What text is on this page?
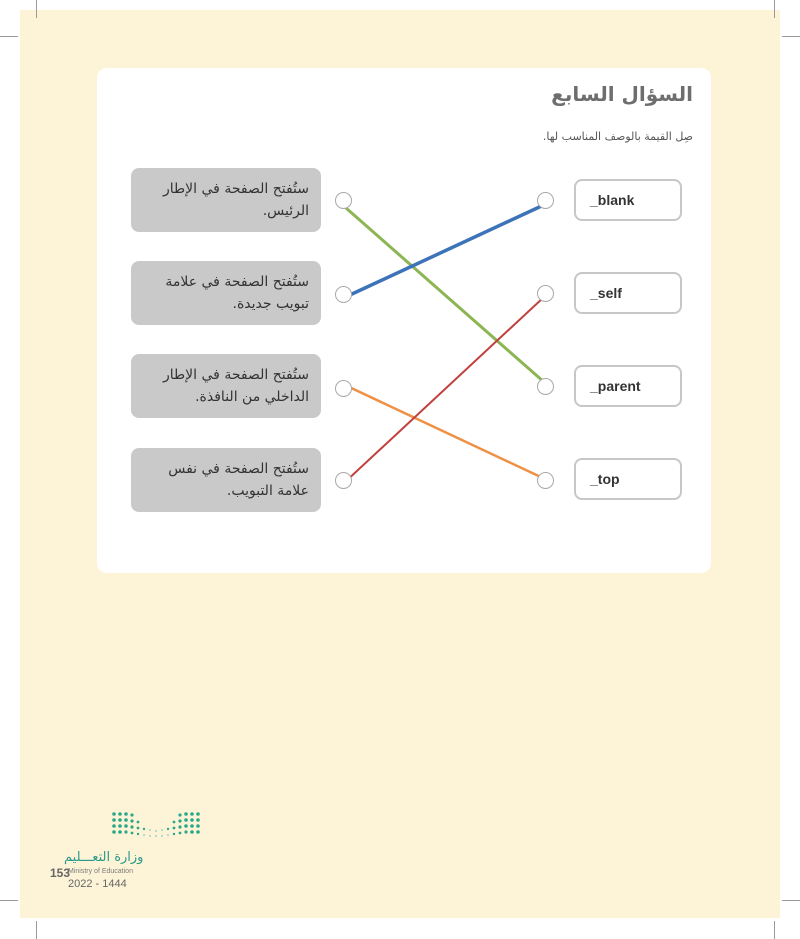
السؤال السابع
صِل القيمة بالوصف المناسب لها.
ستُفتح الصفحة في الإطار الرئيس.
ستُفتح الصفحة في علامة تبويب جديدة.
ستُفتح الصفحة في الإطار الداخلي من النافذة.
ستُفتح الصفحة في نفس علامة التبويب.
_blank
_self
_parent
_top
وزارة التعـــليم
Ministry of Education
153
2022 - 1444
